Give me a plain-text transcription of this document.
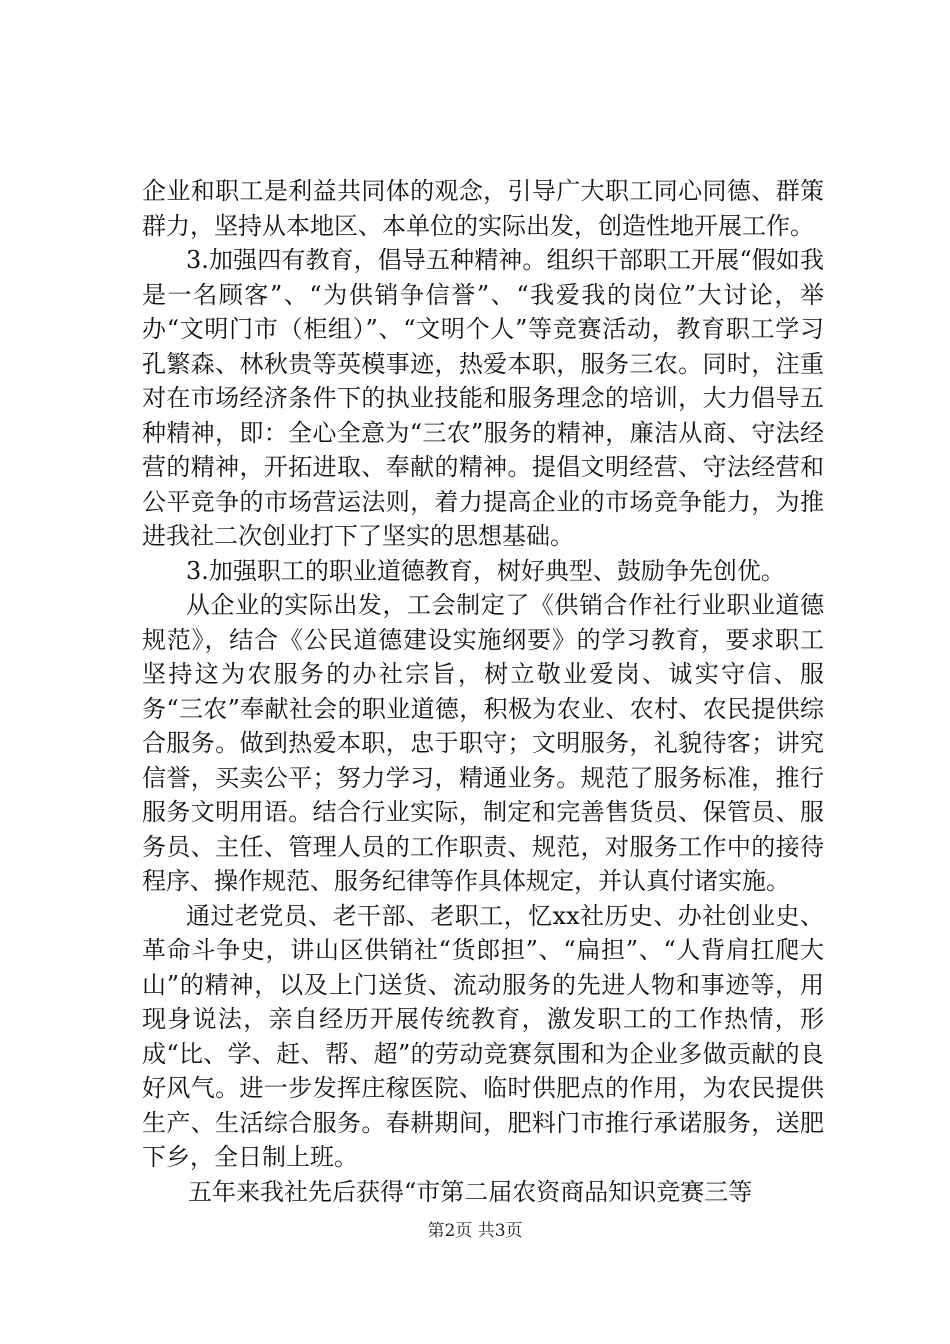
企业和职工是利益共同体的观念，引导广大职工同心同德、群策群力，坚持从本地区、本单位的实际出发，创造性地开展工作。

3.加强四有教育，倡导五种精神。组织干部职工开展“假如我是一名顾客”、“为供销争信誉”、“我爱我的岗位”大讨论，举办“文明门市（柜组）”、“文明个人”等竞赛活动，教育职工学习孔繁森、林秋贵等英模事迹，热爱本职，服务三农。同时，注重对在市场经济条件下的执业技能和服务理念的培训，大力倡导五种精神，即：全心全意为“三农”服务的精神，廉洁从商、守法经营的精神，开拓进取、奉献的精神。提倡文明经营、守法经营和公平竞争的市场营运法则，着力提高企业的市场竞争能力，为推进我社二次创业打下了坚实的思想基础。

3.加强职工的职业道德教育，树好典型、鼓励争先创优。

从企业的实际出发，工会制定了《供销合作社行业职业道德规范》，结合《公民道德建设实施纲要》的学习教育，要求职工坚持这为农服务的办社宗旨，树立敬业爱岗、诚实守信、服务“三农”奉献社会的职业道德，积极为农业、农村、农民提供综合服务。做到热爱本职，忠于职守；文明服务，礼貌待客；讲究信誉，买卖公平；努力学习，精通业务。规范了服务标准，推行服务文明用语。结合行业实际，制定和完善售货员、保管员、服务员、主任、管理人员的工作职责、规范，对服务工作中的接待程序、操作规范、服务纪律等作具体规定，并认真付诸实施。

通过老党员、老干部、老职工，忆xx社历史、办社创业史、革命斗争史，讲山区供销社“货郎担”、“扁担”、“人背肩扛爬大山”的精神，以及上门送货、流动服务的先进人物和事迹等，用现身说法，亲自经历开展传统教育，激发职工的工作热情，形成“比、学、赶、帮、超”的劳动竞赛氛围和为企业多做贡献的良好风气。进一步发挥庄稼医院、临时供肥点的作用，为农民提供生产、生活综合服务。春耕期间，肥料门市推行承诺服务，送肥下乡，全日制上班。

五年来我社先后获得“市第二届农资商品知识竞赛三等

第2页 共3页
